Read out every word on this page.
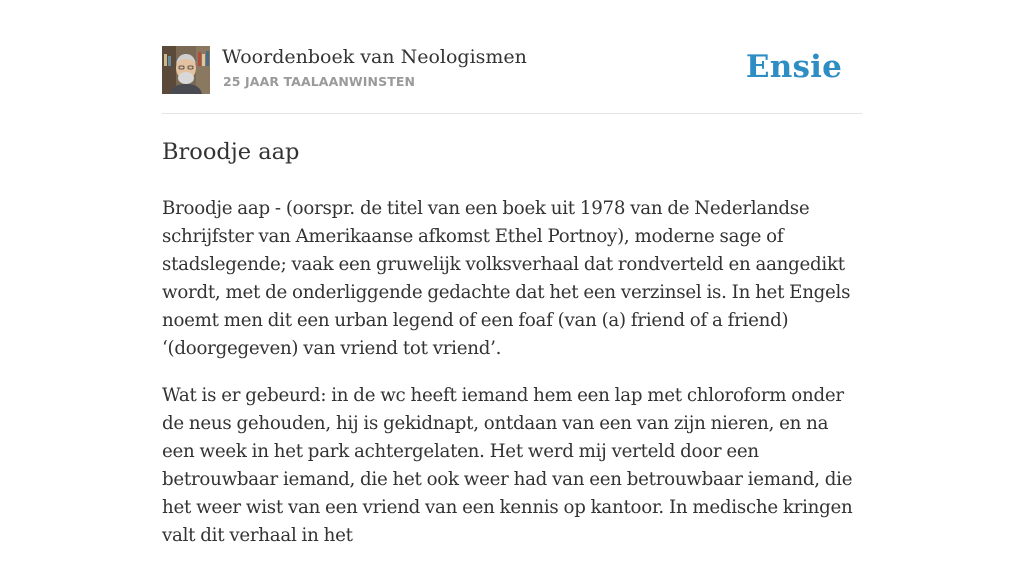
Woordenboek van Neologismen
25 JAAR TAALAANWINSTEN	Ensie
Broodje aap

Broodje aap - (oorspr. de titel van een boek uit 1978 van de Nederlandse schrijfster van Amerikaanse afkomst Ethel Portnoy), moderne sage of stadslegende; vaak een gruwelijk volksverhaal dat rondverteld en aangedikt wordt, met de onderliggende gedachte dat het een verzinsel is. In het Engels noemt men dit een urban legend of een foaf (van (a) friend of a friend) ‘(doorgegeven) van vriend tot vriend’.

Wat is er gebeurd: in de wc heeft iemand hem een lap met chloroform onder de neus gehouden, hij is gekidnapt, ontdaan van een van zijn nieren, en na een week in het park achtergelaten. Het werd mij verteld door een betrouwbaar iemand, die het ook weer had van een betrouwbaar iemand, die het weer wist van een vriend van een kennis op kantoor. In medische kringen valt dit verhaal in het
